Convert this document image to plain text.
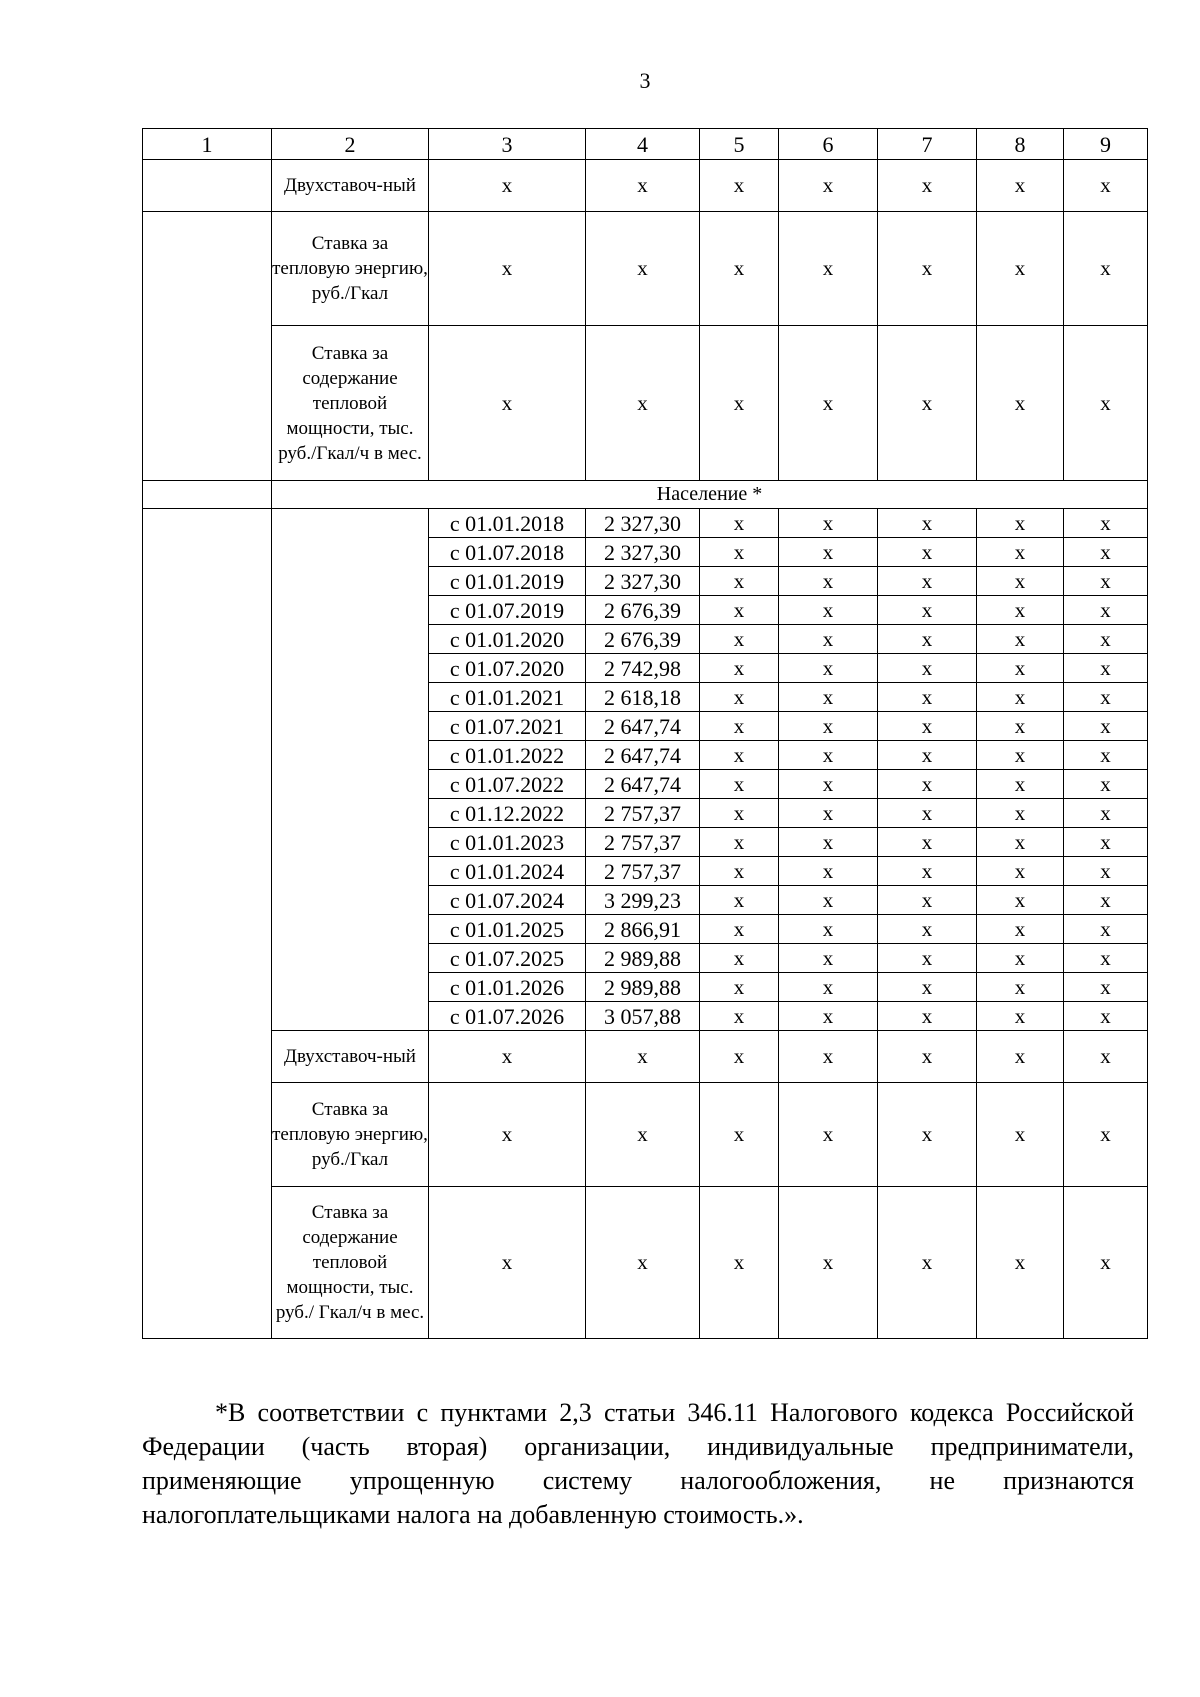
3
1	2	3	4	5	6	7	8	9
	Двухставоч-ный	х	х	х	х	х	х	х
	Ставка за тепловую энергию, руб./Гкал	х	х	х	х	х	х	х
	Ставка за содержание тепловой мощности, тыс. руб./Гкал/ч в мес.	х	х	х	х	х	х	х
	Население *							
		с 01.01.2018	2 327,30	х	х	х	х	х
		с 01.07.2018	2 327,30	х	х	х	х	х
		с 01.01.2019	2 327,30	х	х	х	х	х
		с 01.07.2019	2 676,39	х	х	х	х	х
		с 01.01.2020	2 676,39	х	х	х	х	х
		с 01.07.2020	2 742,98	х	х	х	х	х
		с 01.01.2021	2 618,18	х	х	х	х	х
		с 01.07.2021	2 647,74	х	х	х	х	х
		с 01.01.2022	2 647,74	х	х	х	х	х
		с 01.07.2022	2 647,74	х	х	х	х	х
		с 01.12.2022	2 757,37	х	х	х	х	х
		с 01.01.2023	2 757,37	х	х	х	х	х
		с 01.01.2024	2 757,37	х	х	х	х	х
		с 01.07.2024	3 299,23	х	х	х	х	х
		с 01.01.2025	2 866,91	х	х	х	х	х
		с 01.07.2025	2 989,88	х	х	х	х	х
		с 01.01.2026	2 989,88	х	х	х	х	х
		с 01.07.2026	3 057,88	х	х	х	х	х
	Двухставоч-ный	х	х	х	х	х	х	х
	Ставка за тепловую энергию, руб./Гкал	х	х	х	х	х	х	х
	Ставка за содержание тепловой мощности, тыс. руб./ Гкал/ч в мес.	х	х	х	х	х	х	х

*В соответствии с пунктами 2,3 статьи 346.11 Налогового кодекса Российской Федерации (часть вторая) организации, индивидуальные предприниматели, применяющие упрощенную систему налогообложения, не признаются налогоплательщиками налога на добавленную стоимость.».
